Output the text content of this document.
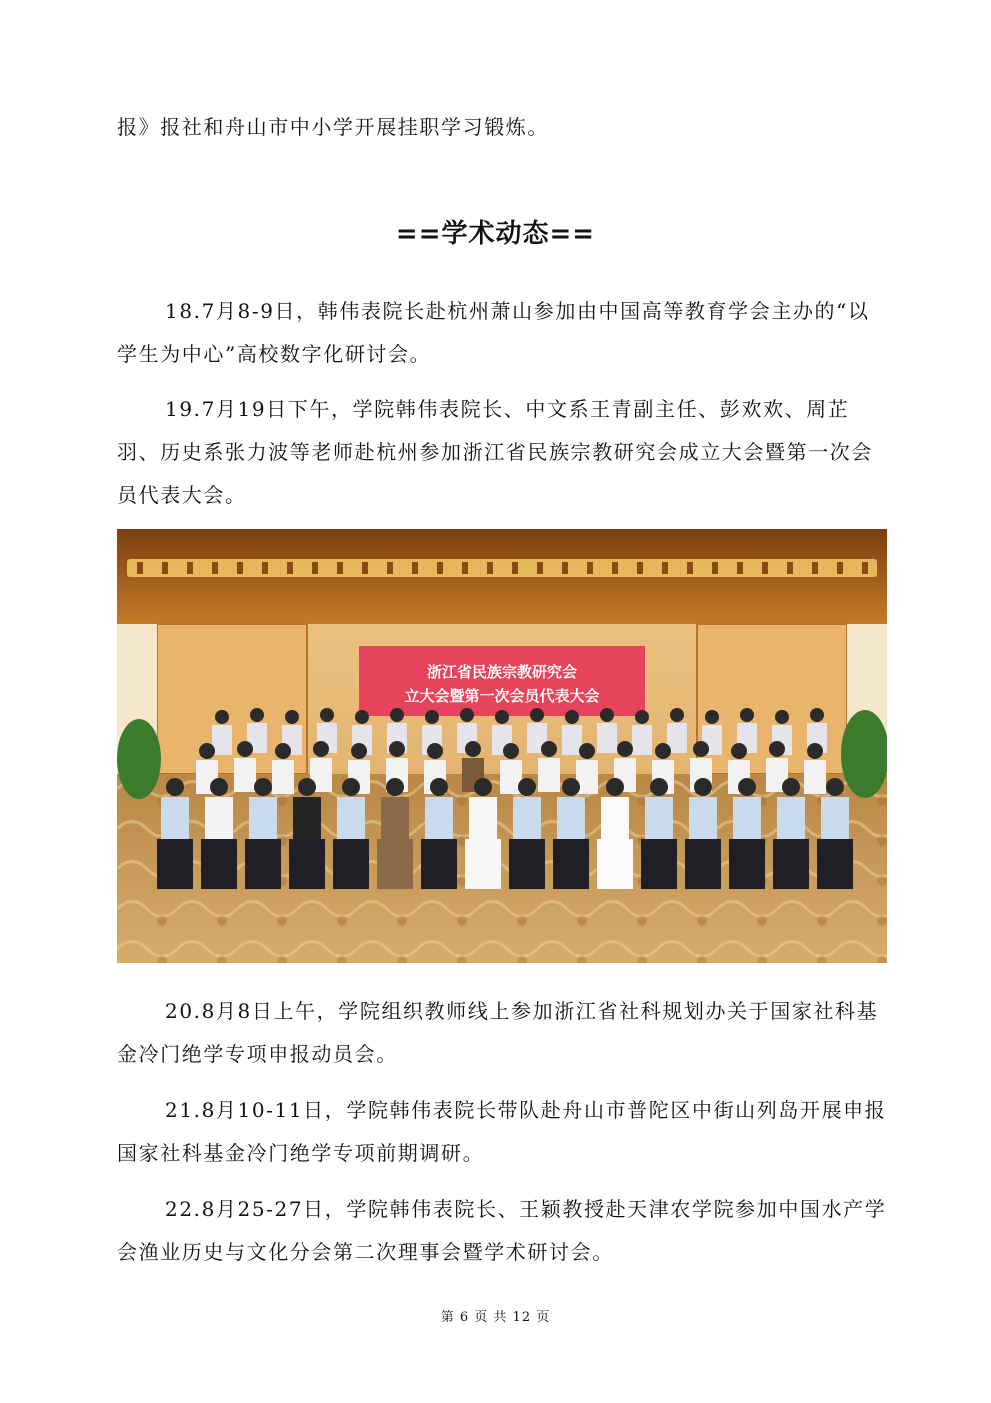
报》报社和舟山市中小学开展挂职学习锻炼。

==学术动态==

18.7月8-9日，韩伟表院长赴杭州萧山参加由中国高等教育学会主办的“以学生为中心”高校数字化研讨会。

19.7月19日下午，学院韩伟表院长、中文系王青副主任、彭欢欢、周芷羽、历史系张力波等老师赴杭州参加浙江省民族宗教研究会成立大会暨第一次会员代表大会。

浙江省民族宗教研究会
立大会暨第一次会员代表大会

20.8月8日上午，学院组织教师线上参加浙江省社科规划办关于国家社科基金冷门绝学专项申报动员会。

21.8月10-11日，学院韩伟表院长带队赴舟山市普陀区中街山列岛开展申报国家社科基金冷门绝学专项前期调研。

22.8月25-27日，学院韩伟表院长、王颖教授赴天津农学院参加中国水产学会渔业历史与文化分会第二次理事会暨学术研讨会。

第 6 页 共 12 页
